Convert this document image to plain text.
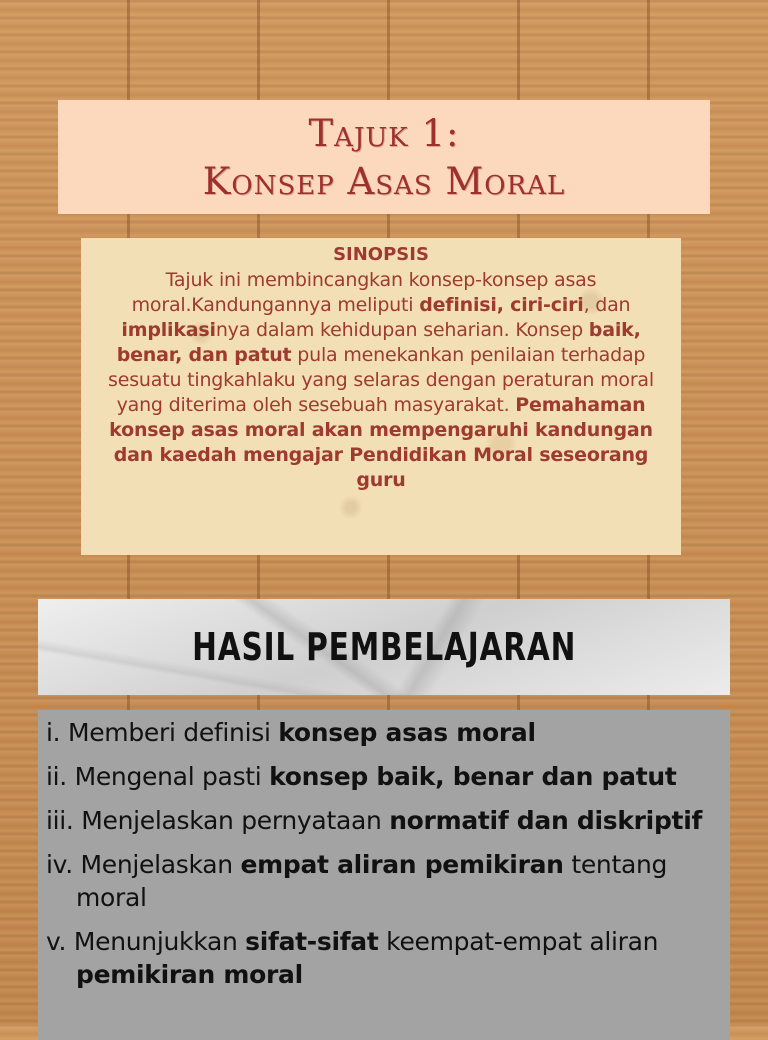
Tajuk 1:
Konsep Asas Moral
SINOPSIS
Tajuk ini membincangkan konsep-konsep asas moral.Kandungannya meliputi definisi, ciri-ciri, dan implikasinya dalam kehidupan seharian. Konsep baik, benar, dan patut pula menekankan penilaian terhadap sesuatu tingkahlaku yang selaras dengan peraturan moral yang diterima oleh sesebuah masyarakat. Pemahaman konsep asas moral akan mempengaruhi kandungan dan kaedah mengajar Pendidikan Moral seseorang guru
HASIL PEMBELAJARAN
i. Memberi definisi konsep asas moral
ii. Mengenal pasti konsep baik, benar dan patut
iii. Menjelaskan pernyataan normatif dan diskriptif
iv. Menjelaskan empat aliran pemikiran tentang moral
v. Menunjukkan sifat-sifat keempat-empat aliran pemikiran moral
